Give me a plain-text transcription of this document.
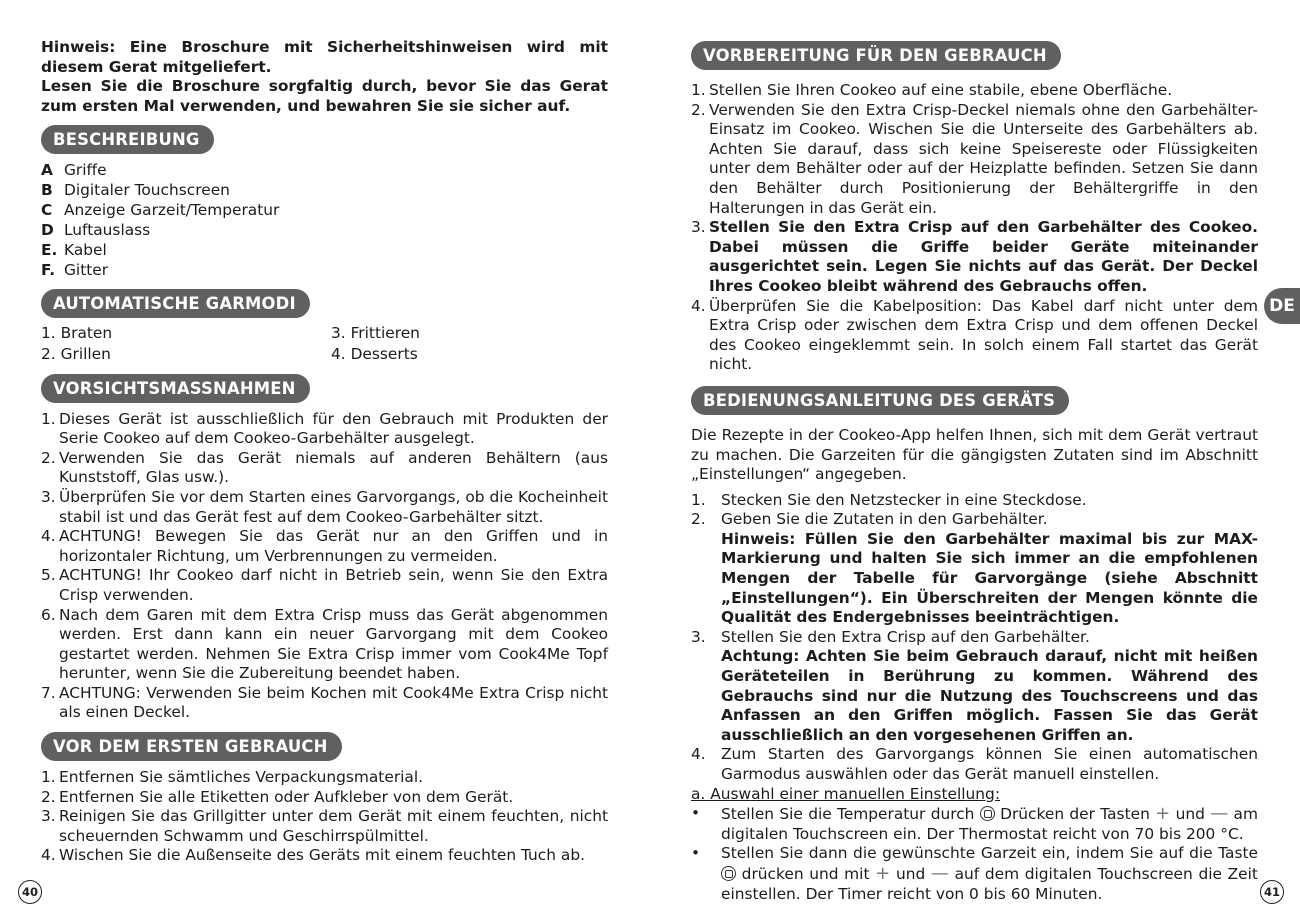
Hinweis: Eine Broschure mit Sicherheitshinweisen wird mit diesem Gerat mitgeliefert.

Lesen Sie die Broschure sorgfaltig durch, bevor Sie das Gerat zum ersten Mal verwenden, und bewahren Sie sie sicher auf.

BESCHREIBUNG
A Griffe
B Digitaler Touchscreen
C Anzeige Garzeit/Temperatur
D Luftauslass
E. Kabel
F. Gitter
AUTOMATISCHE GARMODI
1. Braten	3. Frittieren
2. Grillen	4. Desserts
VORSICHTSMASSNAHMEN
1. Dieses Gerät ist ausschließlich für den Gebrauch mit Produkten der Serie Cookeo auf dem Cookeo-Garbehälter ausgelegt.
2. Verwenden Sie das Gerät niemals auf anderen Behältern (aus Kunststoff, Glas usw.).
3. Überprüfen Sie vor dem Starten eines Garvorgangs, ob die Kocheinheit stabil ist und das Gerät fest auf dem Cookeo-Garbehälter sitzt.
4. ACHTUNG! Bewegen Sie das Gerät nur an den Griffen und in horizontaler Richtung, um Verbrennungen zu vermeiden.
5. ACHTUNG! Ihr Cookeo darf nicht in Betrieb sein, wenn Sie den Extra Crisp verwenden.
6. Nach dem Garen mit dem Extra Crisp muss das Gerät abgenommen werden. Erst dann kann ein neuer Garvorgang mit dem Cookeo gestartet werden. Nehmen Sie Extra Crisp immer vom Cook4Me Topf herunter, wenn Sie die Zubereitung beendet haben.
7. ACHTUNG: Verwenden Sie beim Kochen mit Cook4Me Extra Crisp nicht als einen Deckel.
VOR DEM ERSTEN GEBRAUCH
1. Entfernen Sie sämtliches Verpackungsmaterial.
2. Entfernen Sie alle Etiketten oder Aufkleber von dem Gerät.
3. Reinigen Sie das Grillgitter unter dem Gerät mit einem feuchten, nicht scheuernden Schwamm und Geschirrspülmittel.
4. Wischen Sie die Außenseite des Geräts mit einem feuchten Tuch ab.
40
VORBEREITUNG FÜR DEN GEBRAUCH
1. Stellen Sie Ihren Cookeo auf eine stabile, ebene Oberfläche.
2. Verwenden Sie den Extra Crisp-Deckel niemals ohne den Garbehälter-Einsatz im Cookeo. Wischen Sie die Unterseite des Garbehälters ab. Achten Sie darauf, dass sich keine Speisereste oder Flüssigkeiten unter dem Behälter oder auf der Heizplatte befinden. Setzen Sie dann den Behälter durch Positionierung der Behältergriffe in den Halterungen in das Gerät ein.
3. Stellen Sie den Extra Crisp auf den Garbehälter des Cookeo. Dabei müssen die Griffe beider Geräte miteinander ausgerichtet sein. Legen Sie nichts auf das Gerät. Der Deckel Ihres Cookeo bleibt während des Gebrauchs offen.
4. Überprüfen Sie die Kabelposition: Das Kabel darf nicht unter dem Extra Crisp oder zwischen dem Extra Crisp und dem offenen Deckel des Cookeo eingeklemmt sein. In solch einem Fall startet das Gerät nicht.
BEDIENUNGSANLEITUNG DES GERÄTS

Die Rezepte in der Cookeo-App helfen Ihnen, sich mit dem Gerät vertraut zu machen. Die Garzeiten für die gängigsten Zutaten sind im Abschnitt „Einstellungen“ angegeben.

1. Stecken Sie den Netzstecker in eine Steckdose.
2. Geben Sie die Zutaten in den Garbehälter.
Hinweis: Füllen Sie den Garbehälter maximal bis zur MAX-Markierung und halten Sie sich immer an die empfohlenen Mengen der Tabelle für Garvorgänge (siehe Abschnitt „Einstellungen“). Ein Überschreiten der Mengen könnte die Qualität des Endergebnisses beeinträchtigen.
3. Stellen Sie den Extra Crisp auf den Garbehälter.
Achtung: Achten Sie beim Gebrauch darauf, nicht mit heißen Geräteteilen in Berührung zu kommen. Während des Gebrauchs sind nur die Nutzung des Touchscreens und das Anfassen an den Griffen möglich. Fassen Sie das Gerät ausschließlich an den vorgesehenen Griffen an.
4. Zum Starten des Garvorgangs können Sie einen automatischen Garmodus auswählen oder das Gerät manuell einstellen.
a. Auswahl einer manuellen Einstellung:
•	Stellen Sie die Temperatur durch Drücken der Tasten + und — am digitalen Touchscreen ein. Der Thermostat reicht von 70 bis 200 °C.
•	Stellen Sie dann die gewünschte Garzeit ein, indem Sie auf die Taste  drücken und mit + und — auf dem digitalen Touchscreen die Zeit einstellen. Der Timer reicht von 0 bis 60 Minuten.
DE
41
